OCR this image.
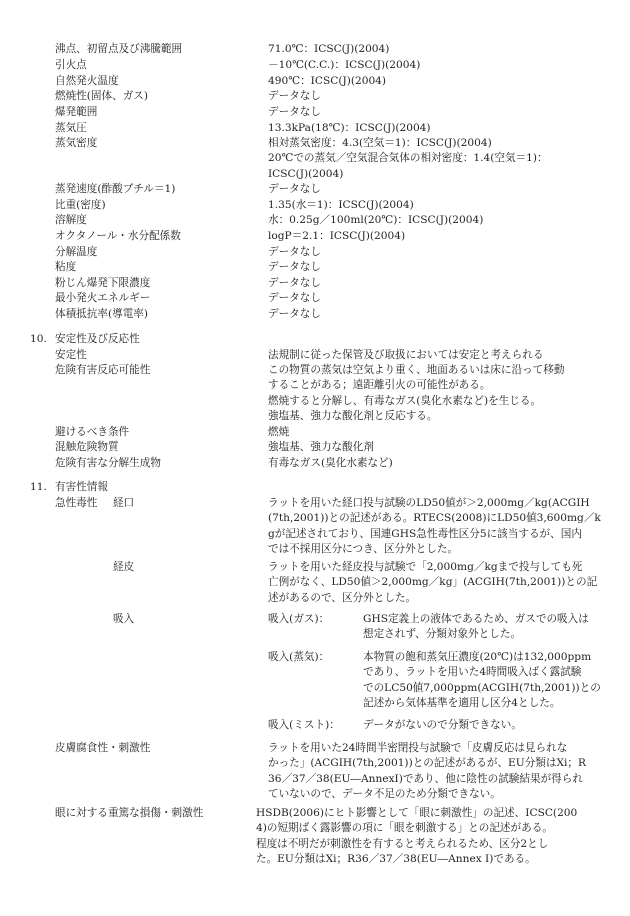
沸点、初留点及び沸騰範囲	71.0℃：ICSC(J)(2004)
引火点	－10℃(C.C.)：ICSC(J)(2004)
自然発火温度	490℃：ICSC(J)(2004)
燃焼性(固体、ガス)	データなし
爆発範囲	データなし
蒸気圧	13.3kPa(18℃)：ICSC(J)(2004)
蒸気密度	相対蒸気密度：4.3(空気＝1)：ICSC(J)(2004)
20℃での蒸気／空気混合気体の相対密度：1.4(空気＝1)：
ICSC(J)(2004)
蒸発速度(酢酸ブチル＝1)	データなし
比重(密度)	1.35(水＝1)：ICSC(J)(2004)
溶解度	水：0.25g／100ml(20℃)：ICSC(J)(2004)
オクタノール・水分配係数	logP＝2.1：ICSC(J)(2004)
分解温度	データなし
粘度	データなし
粉じん爆発下限濃度	データなし
最小発火エネルギー	データなし
体積抵抗率(導電率)	データなし
10. 安定性及び反応性
安定性	法規制に従った保管及び取扱においては安定と考えられる
危険有害反応可能性	この物質の蒸気は空気より重く、地面あるいは床に沿って移動
することがある；遠距離引火の可能性がある。
燃焼すると分解し、有毒なガス(臭化水素など)を生じる。
強塩基、強力な酸化剤と反応する。
避けるべき条件	燃焼
混触危険物質	強塩基、強力な酸化剤
危険有害な分解生成物	有毒なガス(臭化水素など)
11. 有害性情報
急性毒性 経口	ラットを用いた経口投与試験のLD50値が＞2,000mg／kg(ACGIH
(7th,2001))との記述がある。RTECS(2008)にLD50値3,600mg／k
gが記述されており、国連GHS急性毒性区分5に該当するが、国内
では不採用区分につき、区分外とした。
経皮	ラットを用いた経皮投与試験で「2,000mg／kgまで投与しても死
亡例がなく、LD50値＞2,000mg／kg」(ACGIH(7th,2001))との記
述があるので、区分外とした。
吸入	吸入(ガス)：	GHS定義上の液体であるため、ガスでの吸入は
想定されず、分類対象外とした。
吸入(蒸気)：	本物質の飽和蒸気圧濃度(20℃)は132,000ppm
であり、ラットを用いた4時間吸入ばく露試験
でのLC50値7,000ppm(ACGIH(7th,2001))との
記述から気体基準を適用し区分4とした。
吸入(ミスト)： データがないので分類できない。
皮膚腐食性・刺激性	ラットを用いた24時間半密閉投与試験で「皮膚反応は見られな
かった」(ACGIH(7th,2001))との記述があるが、EU分類はXi；R
36／37／38(EU―AnnexI)であり、他に陰性の試験結果が得られ
ていないので、データ不足のため分類できない。
眼に対する重篤な損傷・刺激性	HSDB(2006)にヒト影響として「眼に刺激性」の記述、ICSC(200
4)の短期ばく露影響の項に「眼を刺激する」との記述がある。
程度は不明だが刺激性を有すると考えられるため、区分2とし
た。EU分類はXi；R36／37／38(EU―Annex I)である。
